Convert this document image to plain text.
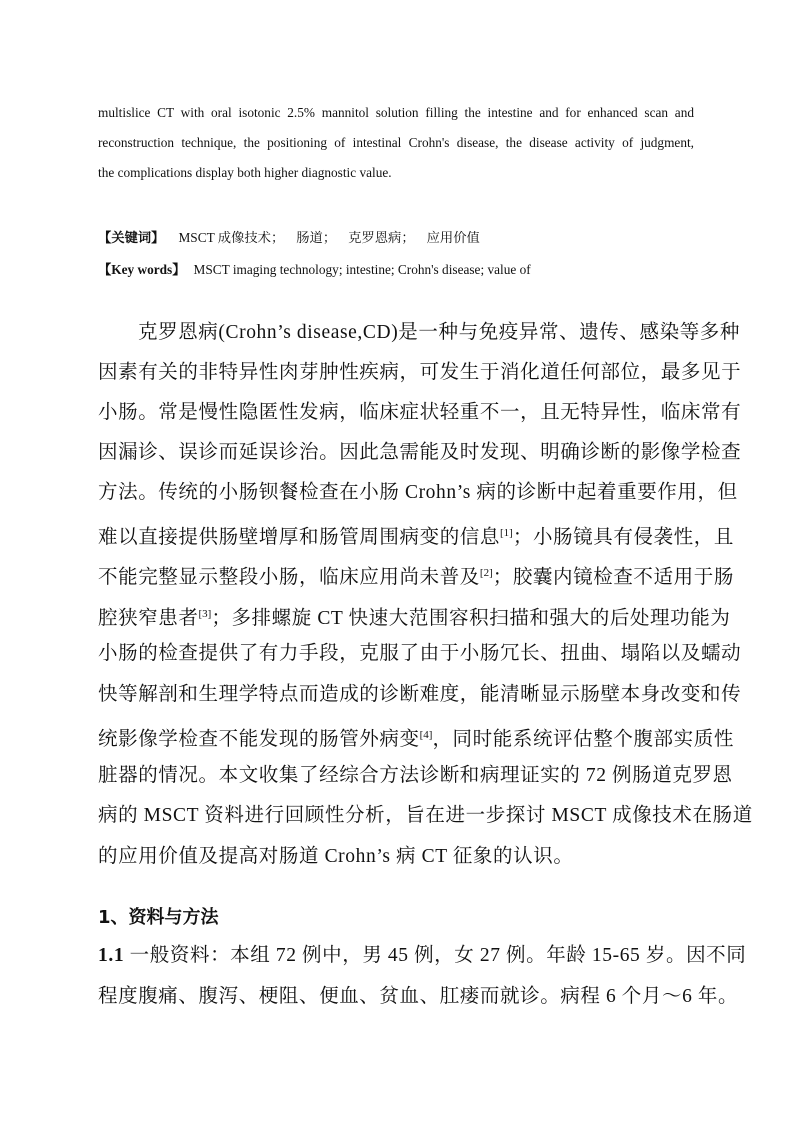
multislice CT with oral isotonic 2.5% mannitol solution filling the intestine and for enhanced scan and
reconstruction technique, the positioning of intestinal Crohn's disease, the disease activity of judgment,
the complications display both higher diagnostic value.
【关键词】 MSCT 成像技术； 肠道； 克罗恩病； 应用价值
【Key words】 MSCT imaging technology; intestine; Crohn's disease; value of
克罗恩病(Crohn’s disease,CD)是一种与免疫异常、遗传、感染等多种
因素有关的非特异性肉芽肿性疾病，可发生于消化道任何部位，最多见于
小肠。常是慢性隐匿性发病，临床症状轻重不一，且无特异性，临床常有
因漏诊、误诊而延误诊治。因此急需能及时发现、明确诊断的影像学检查
方法。传统的小肠钡餐检查在小肠 Crohn’s 病的诊断中起着重要作用，但
难以直接提供肠壁增厚和肠管周围病变的信息[1]；小肠镜具有侵袭性，且
不能完整显示整段小肠，临床应用尚未普及[2]；胶囊内镜检查不适用于肠
腔狭窄患者[3]；多排螺旋 CT 快速大范围容积扫描和强大的后处理功能为
小肠的检查提供了有力手段，克服了由于小肠冗长、扭曲、塌陷以及蠕动
快等解剖和生理学特点而造成的诊断难度，能清晰显示肠壁本身改变和传
统影像学检查不能发现的肠管外病变[4]，同时能系统评估整个腹部实质性
脏器的情况。本文收集了经综合方法诊断和病理证实的 72 例肠道克罗恩
病的 MSCT 资料进行回顾性分析，旨在进一步探讨 MSCT 成像技术在肠道
的应用价值及提高对肠道 Crohn’s 病 CT 征象的认识。
1、资料与方法
1.1 一般资料：本组 72 例中，男 45 例，女 27 例。年龄 15-65 岁。因不同
程度腹痛、腹泻、梗阻、便血、贫血、肛瘘而就诊。病程 6 个月～6 年。
